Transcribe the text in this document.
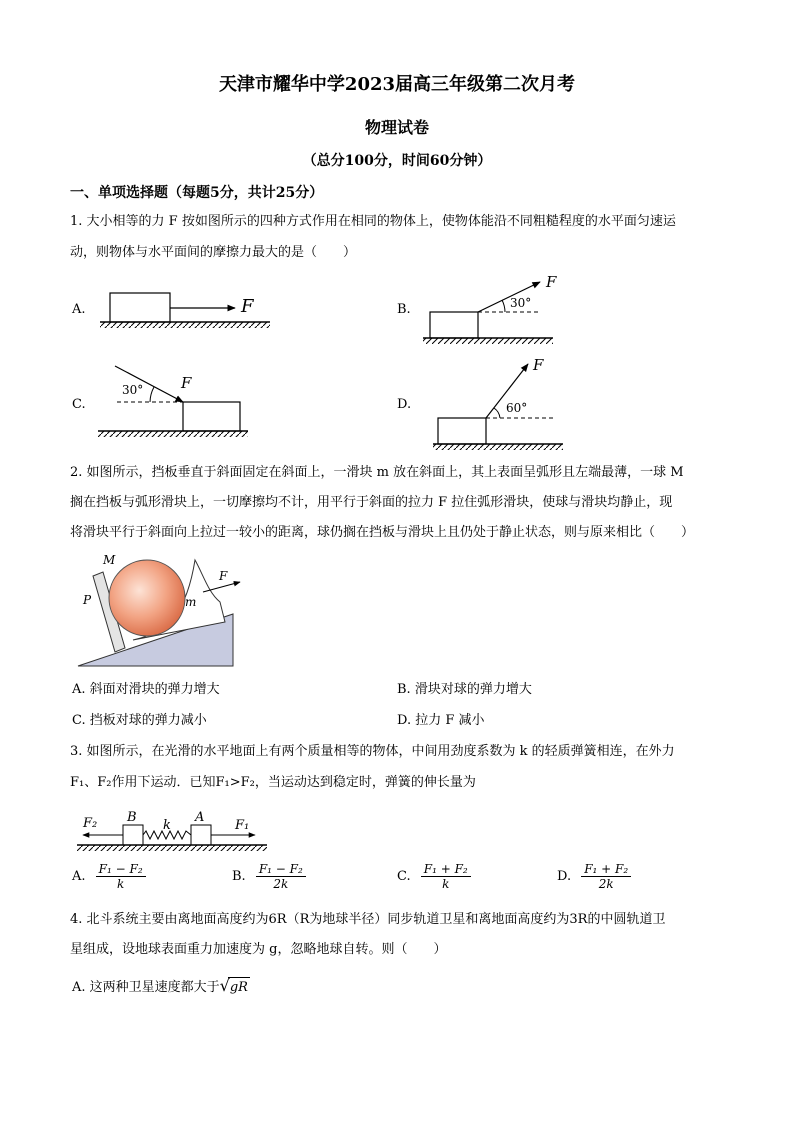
天津市耀华中学2023届高三年级第二次月考
物理试卷
（总分100分，时间60分钟）
一、单项选择题（每题5分，共计25分）
1. 大小相等的力 F 按如图所示的四种方式作用在相同的物体上，使物体能沿不同粗糙程度的水平面匀速运
动，则物体与水平面间的摩擦力最大的是（　　）
A.	F	B.	30°
F
C.
30°	F
D.	60°
F
2. 如图所示，挡板垂直于斜面固定在斜面上，一滑块 m 放在斜面上，其上表面呈弧形且左端最薄，一球 M
搁在挡板与弧形滑块上，一切摩擦均不计，用平行于斜面的拉力 F 拉住弧形滑块，使球与滑块均静止，现
将滑块平行于斜面向上拉过一较小的距离，球仍搁在挡板与滑块上且仍处于静止状态，则与原来相比（　　）
M
P	m
F
A. 斜面对滑块的弹力增大	B. 滑块对球的弹力增大
C. 挡板对球的弹力减小	D. 拉力 F 减小
3. 如图所示，在光滑的水平地面上有两个质量相等的物体，中间用劲度系数为 k 的轻质弹簧相连，在外力
F₁、F₂作用下运动．已知F₁>F₂，当运动达到稳定时，弹簧的伸长量为
F₂ B
k
A
F₁
A. $\frac{\text{F₁ − F₂}}{k}$	B. $\frac{\text{F₁ − F₂}}{2k}$	C. $\frac{\text{F₁ + F₂}}{k}$	D. $\frac{\text{F₁ + F₂}}{2k}$
4. 北斗系统主要由离地面高度约为6R（R为地球半径）同步轨道卫星和离地面高度约为3R的中圆轨道卫
星组成，设地球表面重力加速度为 g，忽略地球自转。则（　　）
A. 这两种卫星速度都大于√gR
